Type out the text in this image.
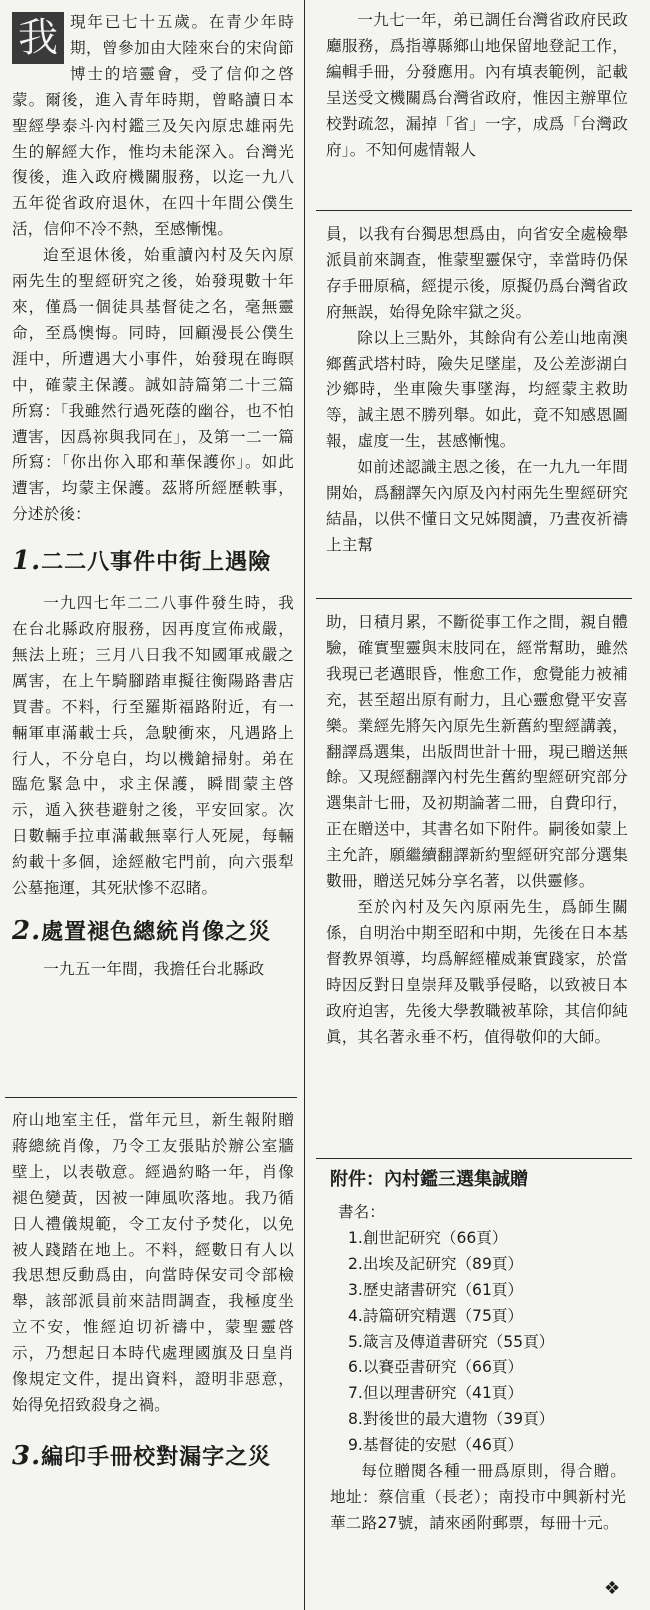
我 現年已七十五歲。在青少年時期，曾參加由大陸來台的宋尙節博士的培靈會，受了信仰之啓蒙。爾後，進入青年時期，曾略讀日本聖經學泰斗內村鑑三及矢內原忠雄兩先生的解經大作，惟均未能深入。台灣光復後，進入政府機關服務，以迄一九八五年從省政府退休，在四十年間公僕生活，信仰不冷不熱，至感慚愧。

迨至退休後，始重讀內村及矢內原兩先生的聖經研究之後，始發現數十年來，僅爲一個徒具基督徒之名，毫無靈命，至爲懊悔。同時，回顧漫長公僕生涯中，所遭遇大小事件，始發現在晦暝中，確蒙主保護。誠如詩篇第二十三篇所寫：「我雖然行過死蔭的幽谷，也不怕遭害，因爲祢與我同在」，及第一二一篇所寫：「你出你入耶和華保護你」。如此遭害，均蒙主保護。茲將所經歷軼事，分述於後：

1.二二八事件中街上遇險

一九四七年二二八事件發生時，我在台北縣政府服務，因再度宣佈戒嚴，無法上班；三月八日我不知國軍戒嚴之厲害，在上午騎腳踏車擬往衡陽路書店買書。不料，行至羅斯福路附近，有一輛軍車滿載士兵，急駛衝來，凡遇路上行人，不分皂白，均以機鎗掃射。弟在臨危緊急中，求主保護，瞬間蒙主啓示，遁入狹巷避射之後，平安回家。次日數輛手拉車滿載無辜行人死屍，每輛約載十多個，途經敝宅門前，向六張犁公墓拖運，其死狀慘不忍睹。

2.處置褪色總統肖像之災

一九五一年間，我擔任台北縣政

府山地室主任，當年元旦，新生報附贈蔣總統肖像，乃令工友張貼於辦公室牆壁上，以表敬意。經過約略一年，肖像褪色變黃，因被一陣風吹落地。我乃循日人禮儀規範，令工友付予焚化，以免被人踐踏在地上。不料，經數日有人以我思想反動爲由，向當時保安司令部檢舉，該部派員前來詰問調查，我極度坐立不安，惟經迫切祈禱中，蒙聖靈啓示，乃想起日本時代處理國旗及日皇肖像規定文件，提出資料，證明非惡意，始得免招致殺身之禍。

3.編印手冊校對漏字之災

一九七一年，弟已調任台灣省政府民政廳服務，爲指導縣鄉山地保留地登記工作，編輯手冊，分發應用。內有填表範例，記載呈送受文機關爲台灣省政府，惟因主辦單位校對疏忽，漏掉「省」一字，成爲「台灣政府」。不知何處情報人

員，以我有台獨思想爲由，向省安全處檢舉派員前來調查，惟蒙聖靈保守，幸當時仍保存手冊原稿，經提示後，原擬仍爲台灣省政府無誤，始得免除牢獄之災。

除以上三點外，其餘尙有公差山地南澳鄉舊武塔村時，險失足墜崖，及公差澎湖白沙鄉時，坐車險失事墜海，均經蒙主救助等，誠主恩不勝列舉。如此，竟不知感恩圖報，虛度一生，甚感慚愧。

如前述認識主恩之後，在一九九一年間開始，爲翻譯矢內原及內村兩先生聖經研究結晶，以供不懂日文兄姊閱讀，乃晝夜祈禱上主幫

助，日積月累，不斷從事工作之間，親自體驗，確實聖靈與末肢同在，經常幫助，雖然我現已老邁眼昏，惟愈工作，愈覺能力被補充，甚至超出原有耐力，且心靈愈覺平安喜樂。業經先將矢內原先生新舊約聖經講義，翻譯爲選集，出版問世計十冊，現已贈送無餘。又現經翻譯內村先生舊約聖經研究部分選集計七冊，及初期論著二冊，自費印行，正在贈送中，其書名如下附件。嗣後如蒙上主允許，願繼續翻譯新約聖經研究部分選集數冊，贈送兄姊分享名著，以供靈修。

至於內村及矢內原兩先生，爲師生關係，自明治中期至昭和中期，先後在日本基督教界領導，均爲解經權威兼實踐家，於當時因反對日皇崇拜及戰爭侵略，以致被日本政府迫害，先後大學教職被革除，其信仰純眞，其名著永垂不朽，值得敬仰的大師。

附件：內村鑑三選集誠贈

書名：

1.創世記研究（66頁）
2.出埃及記研究（89頁）
3.歷史諸書研究（61頁）
4.詩篇研究精選（75頁）
5.箴言及傳道書研究（55頁）
6.以賽亞書研究（66頁）
7.但以理書研究（41頁）
8.對後世的最大遺物（39頁）
9.基督徒的安慰（46頁）

每位贈閱各種一冊爲原則，得合贈。地址：蔡信重（長老）；南投市中興新村光華二路27號，請來函附郵票，每冊十元。

❖
